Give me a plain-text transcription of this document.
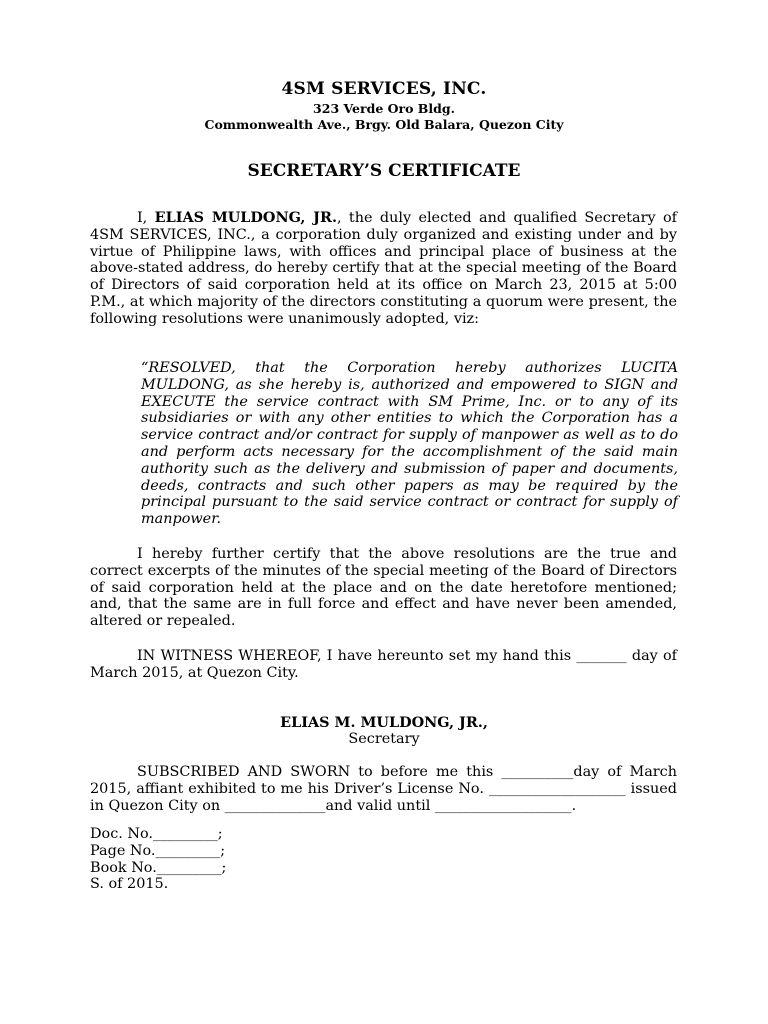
4SM SERVICES, INC.
323 Verde Oro Bldg.
Commonwealth Ave., Brgy. Old Balara, Quezon City
SECRETARY’S CERTIFICATE

I, ELIAS MULDONG, JR., the duly elected and qualified Secretary of 4SM SERVICES, INC., a corporation duly organized and existing under and by virtue of Philippine laws, with offices and principal place of business at the above-stated address, do hereby certify that at the special meeting of the Board of Directors of said corporation held at its office on March 23, 2015 at 5:00 P.M., at which majority of the directors constituting a quorum were present, the following resolutions were unanimously adopted, viz:

“RESOLVED, that the Corporation hereby authorizes LUCITA MULDONG, as she hereby is, authorized and empowered to SIGN and EXECUTE the service contract with SM Prime, Inc. or to any of its subsidiaries or with any other entities to which the Corporation has a service contract and/or contract for supply of manpower as well as to do and perform acts necessary for the accomplishment of the said main authority such as the delivery and submission of paper and documents, deeds, contracts and such other papers as may be required by the principal pursuant to the said service contract or contract for supply of manpower.

I hereby further certify that the above resolutions are the true and correct excerpts of the minutes of the special meeting of the Board of Directors of said corporation held at the place and on the date heretofore mentioned; and, that the same are in full force and effect and have never been amended, altered or repealed.

IN WITNESS WHEREOF, I have hereunto set my hand this _______ day of March 2015, at Quezon City.

ELIAS M. MULDONG, JR.,
Secretary

SUBSCRIBED AND SWORN to before me this __________day of March 2015, affiant exhibited to me his Driver’s License No. ___________________ issued in Quezon City on ______________and valid until ___________________.

Doc. No._________;
Page No._________;
Book No._________;
S. of 2015.
